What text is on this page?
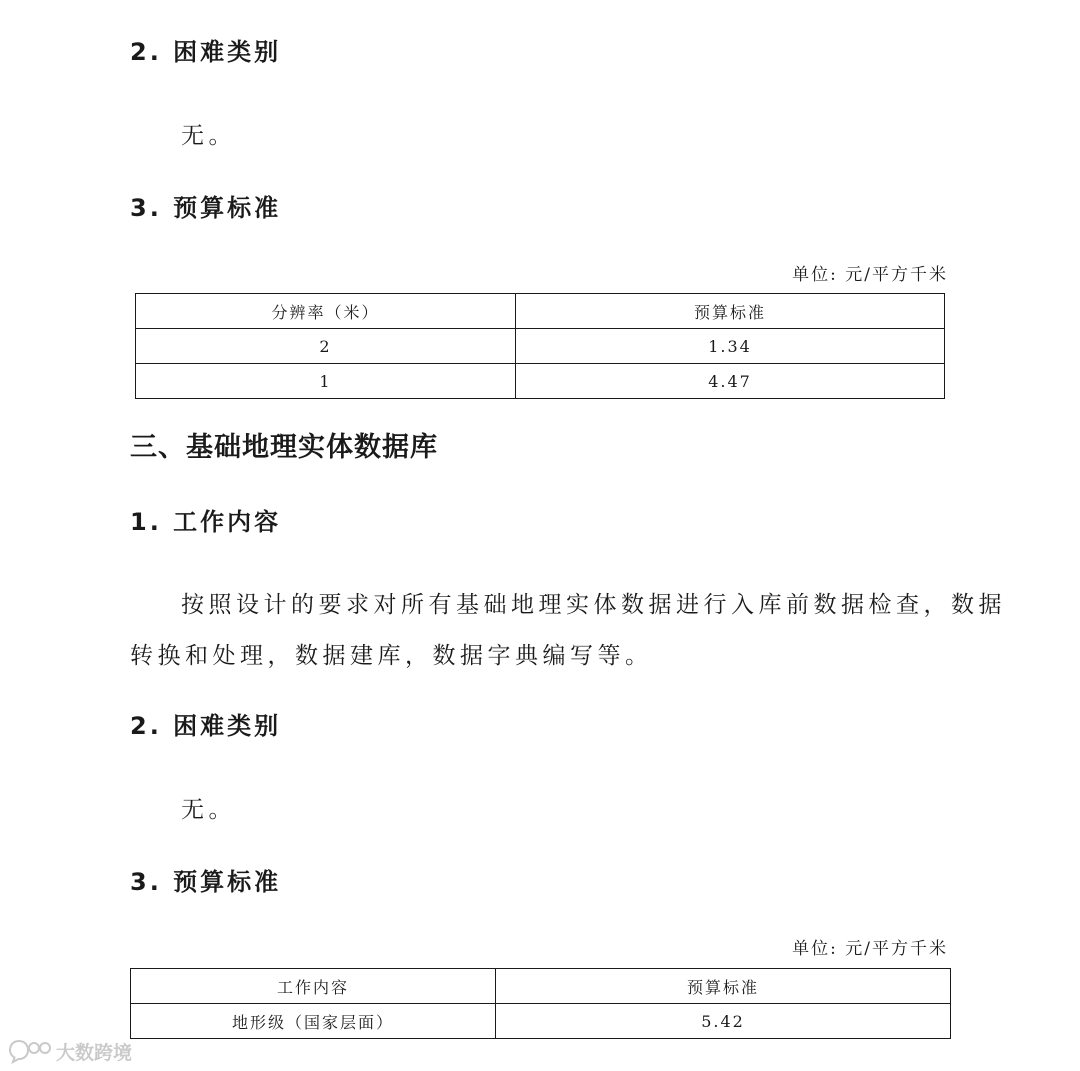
2. 困难类别

无。

3. 预算标准

单位: 元/平方千米

分辨率（米）	预算标准
2	1.34
1	4.47
三、基础地理实体数据库
1. 工作内容

按照设计的要求对所有基础地理实体数据进行入库前数据检查，数据

转换和处理，数据建库，数据字典编写等。

2. 困难类别

无。

3. 预算标准

单位: 元/平方千米

工作内容	预算标准
地形级（国家层面）	5.42
大数跨境
